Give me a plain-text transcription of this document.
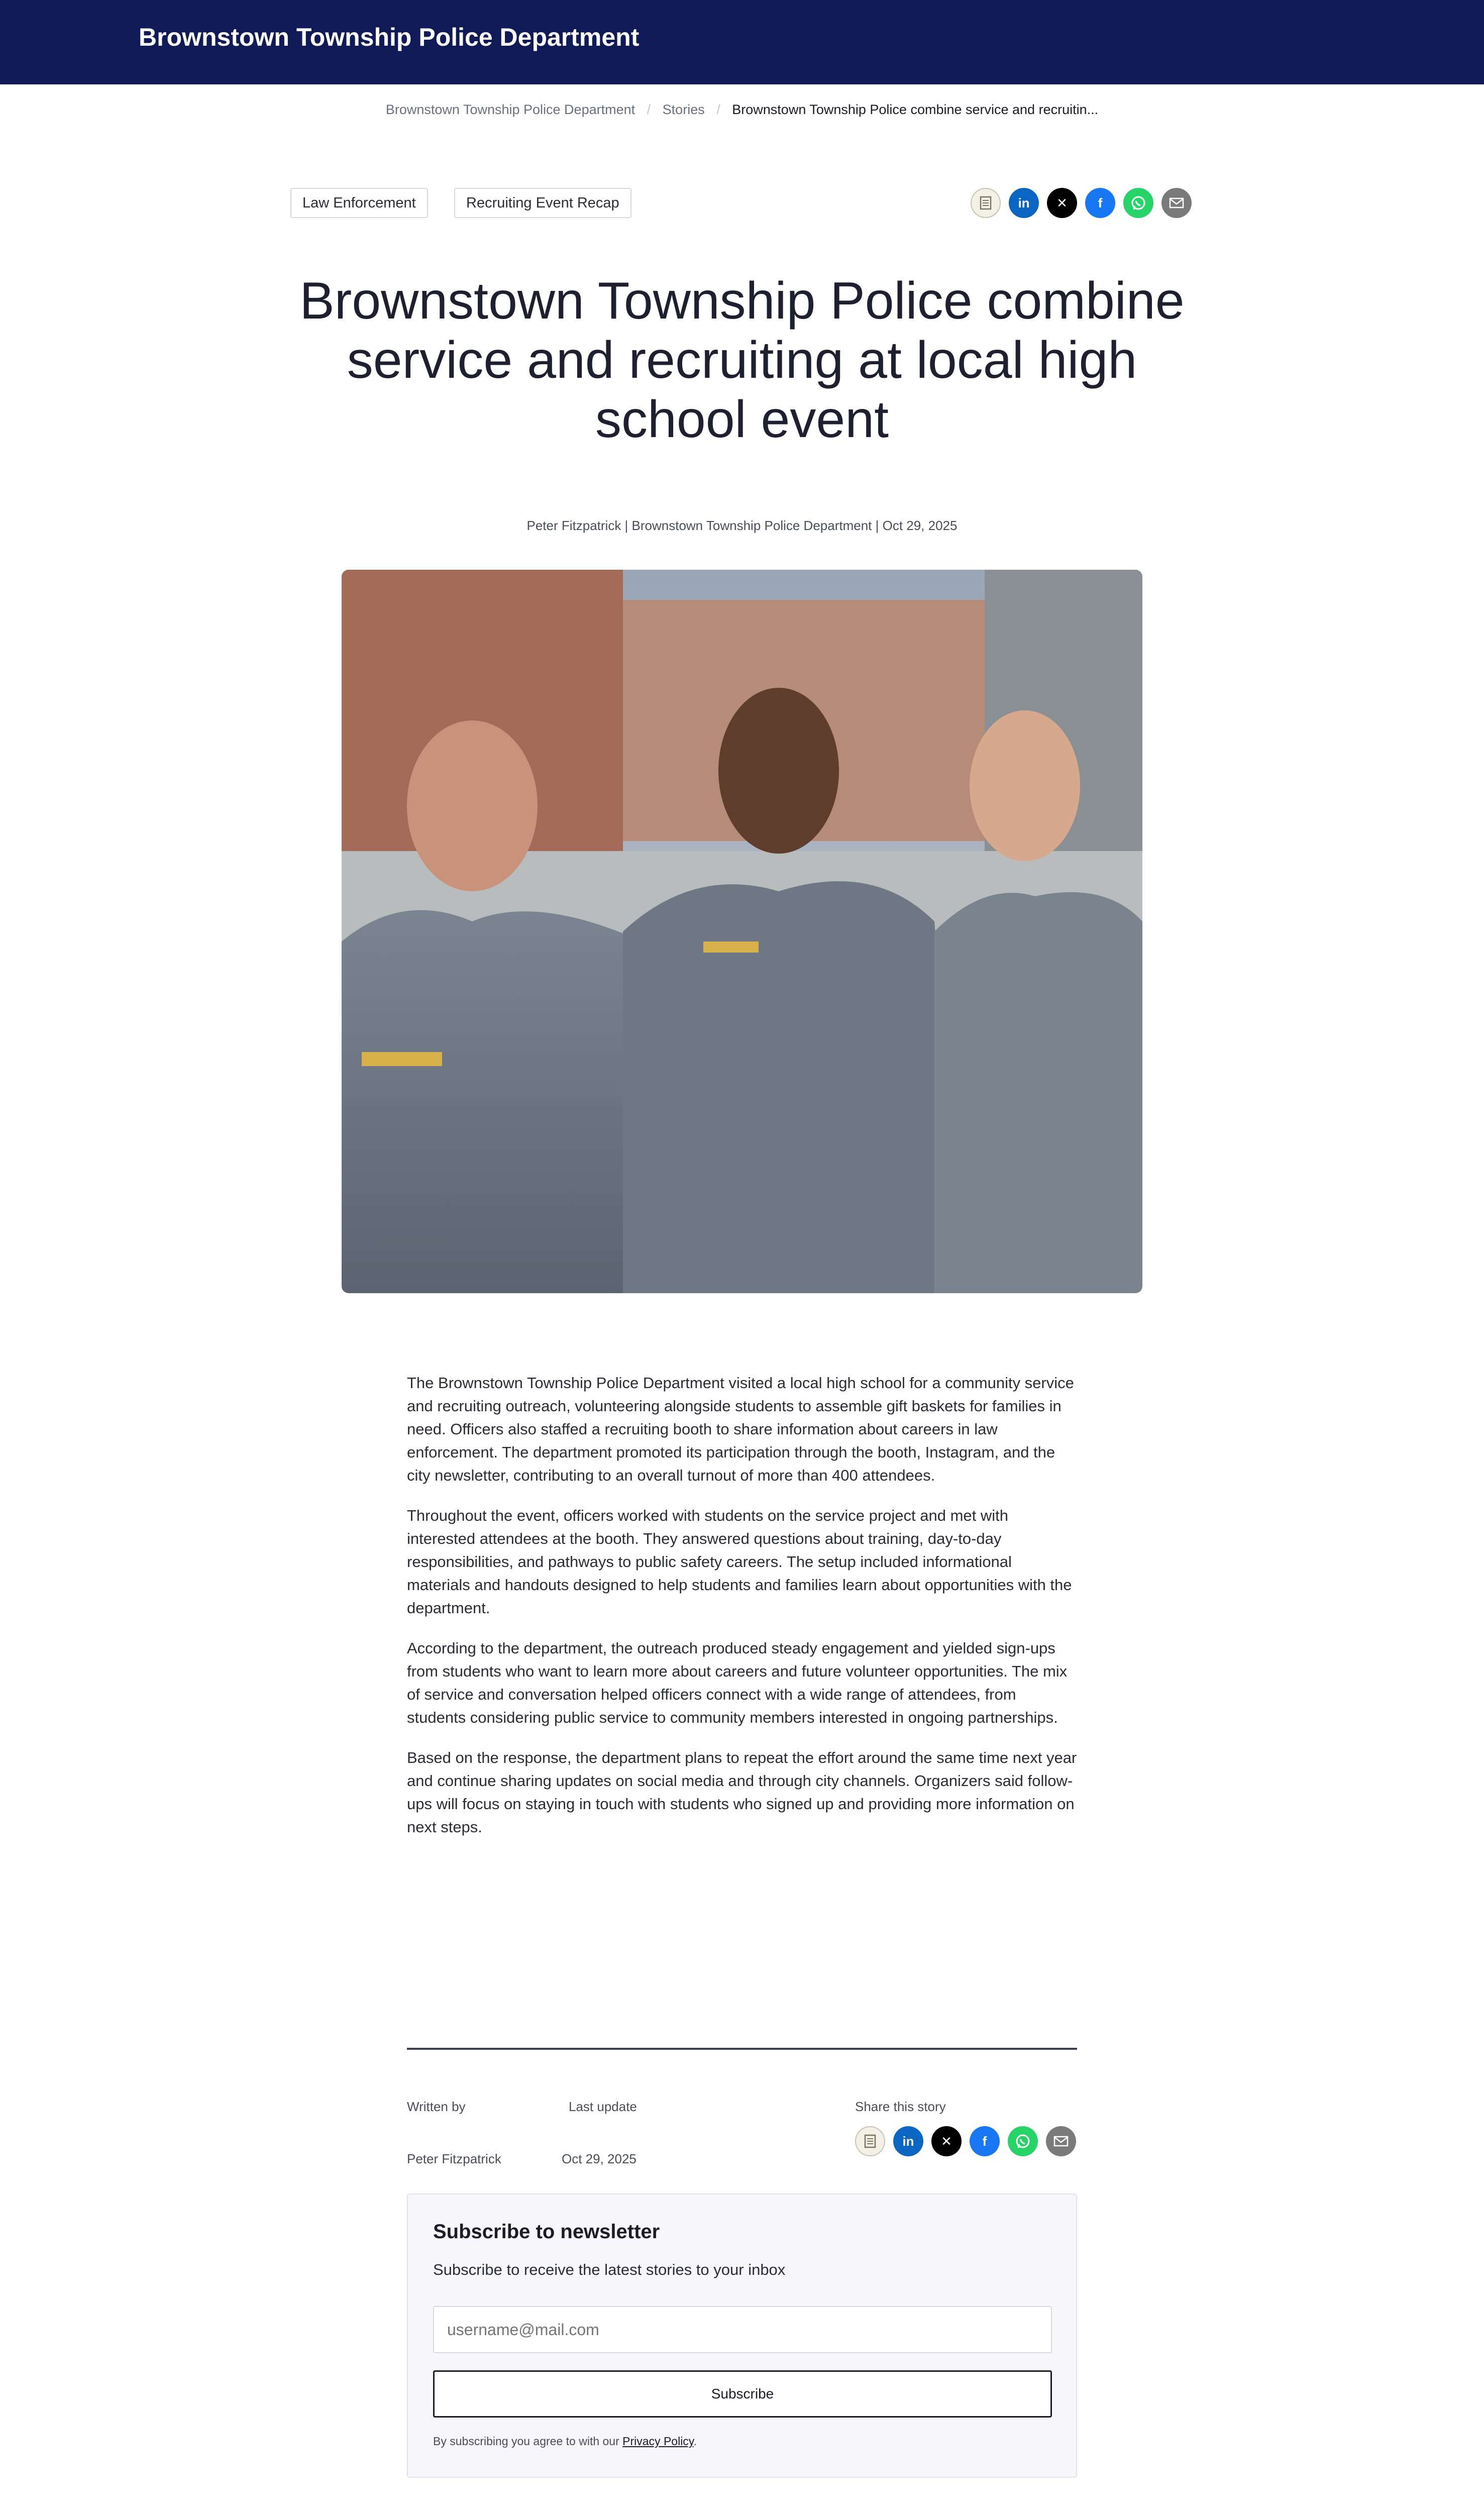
Brownstown Township Police Department
Brownstown Township Police Department / Stories / Brownstown Township Police combine service and recruitin...
Law Enforcement	Recruiting Event Recap	in	✕	f
Brownstown Township Police combine service and recruiting at local high school event
Peter Fitzpatrick | Brownstown Township Police Department | Oct 29, 2025

The Brownstown Township Police Department visited a local high school for a community service and recruiting outreach, volunteering alongside students to assemble gift baskets for families in need. Officers also staffed a recruiting booth to share information about careers in law enforcement. The department promoted its participation through the booth, Instagram, and the city newsletter, contributing to an overall turnout of more than 400 attendees.

Throughout the event, officers worked with students on the service project and met with interested attendees at the booth. They answered questions about training, day-to-day responsibilities, and pathways to public safety careers. The setup included informational materials and handouts designed to help students and families learn about opportunities with the department.

According to the department, the outreach produced steady engagement and yielded sign-ups from students who want to learn more about careers and future volunteer opportunities. The mix of service and conversation helped officers connect with a wide range of attendees, from students considering public service to community members interested in ongoing partnerships.

Based on the response, the department plans to repeat the effort around the same time next year and continue sharing updates on social media and through city channels. Organizers said follow-ups will focus on staying in touch with students who signed up and providing more information on next steps.

Written by	Last update	Share this story
Peter Fitzpatrick	Oct 29, 2025
in	✕	f
Subscribe to newsletter
Subscribe to receive the latest stories to your inbox
username@mail.com
Subscribe
By subscribing you agree to with our Privacy Policy.
